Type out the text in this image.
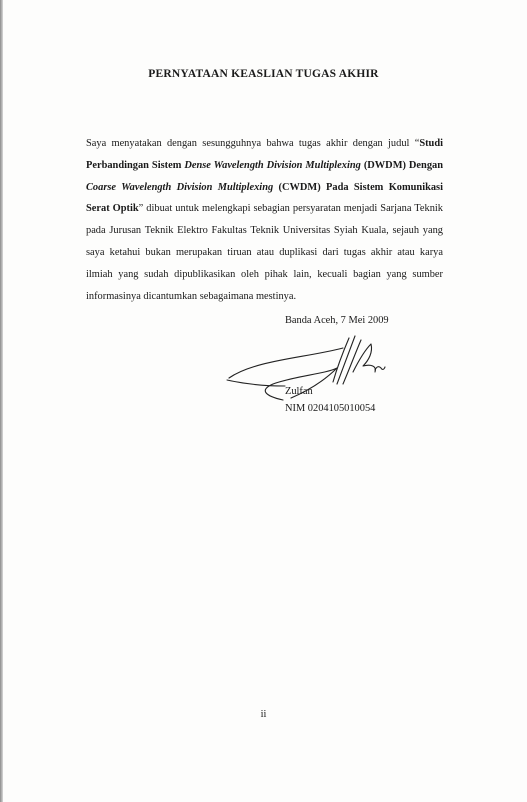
PERNYATAAN KEASLIAN TUGAS AKHIR
Saya menyatakan dengan sesungguhnya bahwa tugas akhir dengan judul “Studi Perbandingan Sistem Dense Wavelength Division Multiplexing (DWDM) Dengan Coarse Wavelength Division Multiplexing (CWDM) Pada Sistem Komunikasi Serat Optik” dibuat untuk melengkapi sebagian persyaratan menjadi Sarjana Teknik pada Jurusan Teknik Elektro Fakultas Teknik Universitas Syiah Kuala, sejauh yang saya ketahui bukan merupakan tiruan atau duplikasi dari tugas akhir atau karya ilmiah yang sudah dipublikasikan oleh pihak lain, kecuali bagian yang sumber informasinya dicantumkan sebagaimana mestinya.
Banda Aceh, 7 Mei 2009
Zulfan
NIM 0204105010054
ii
